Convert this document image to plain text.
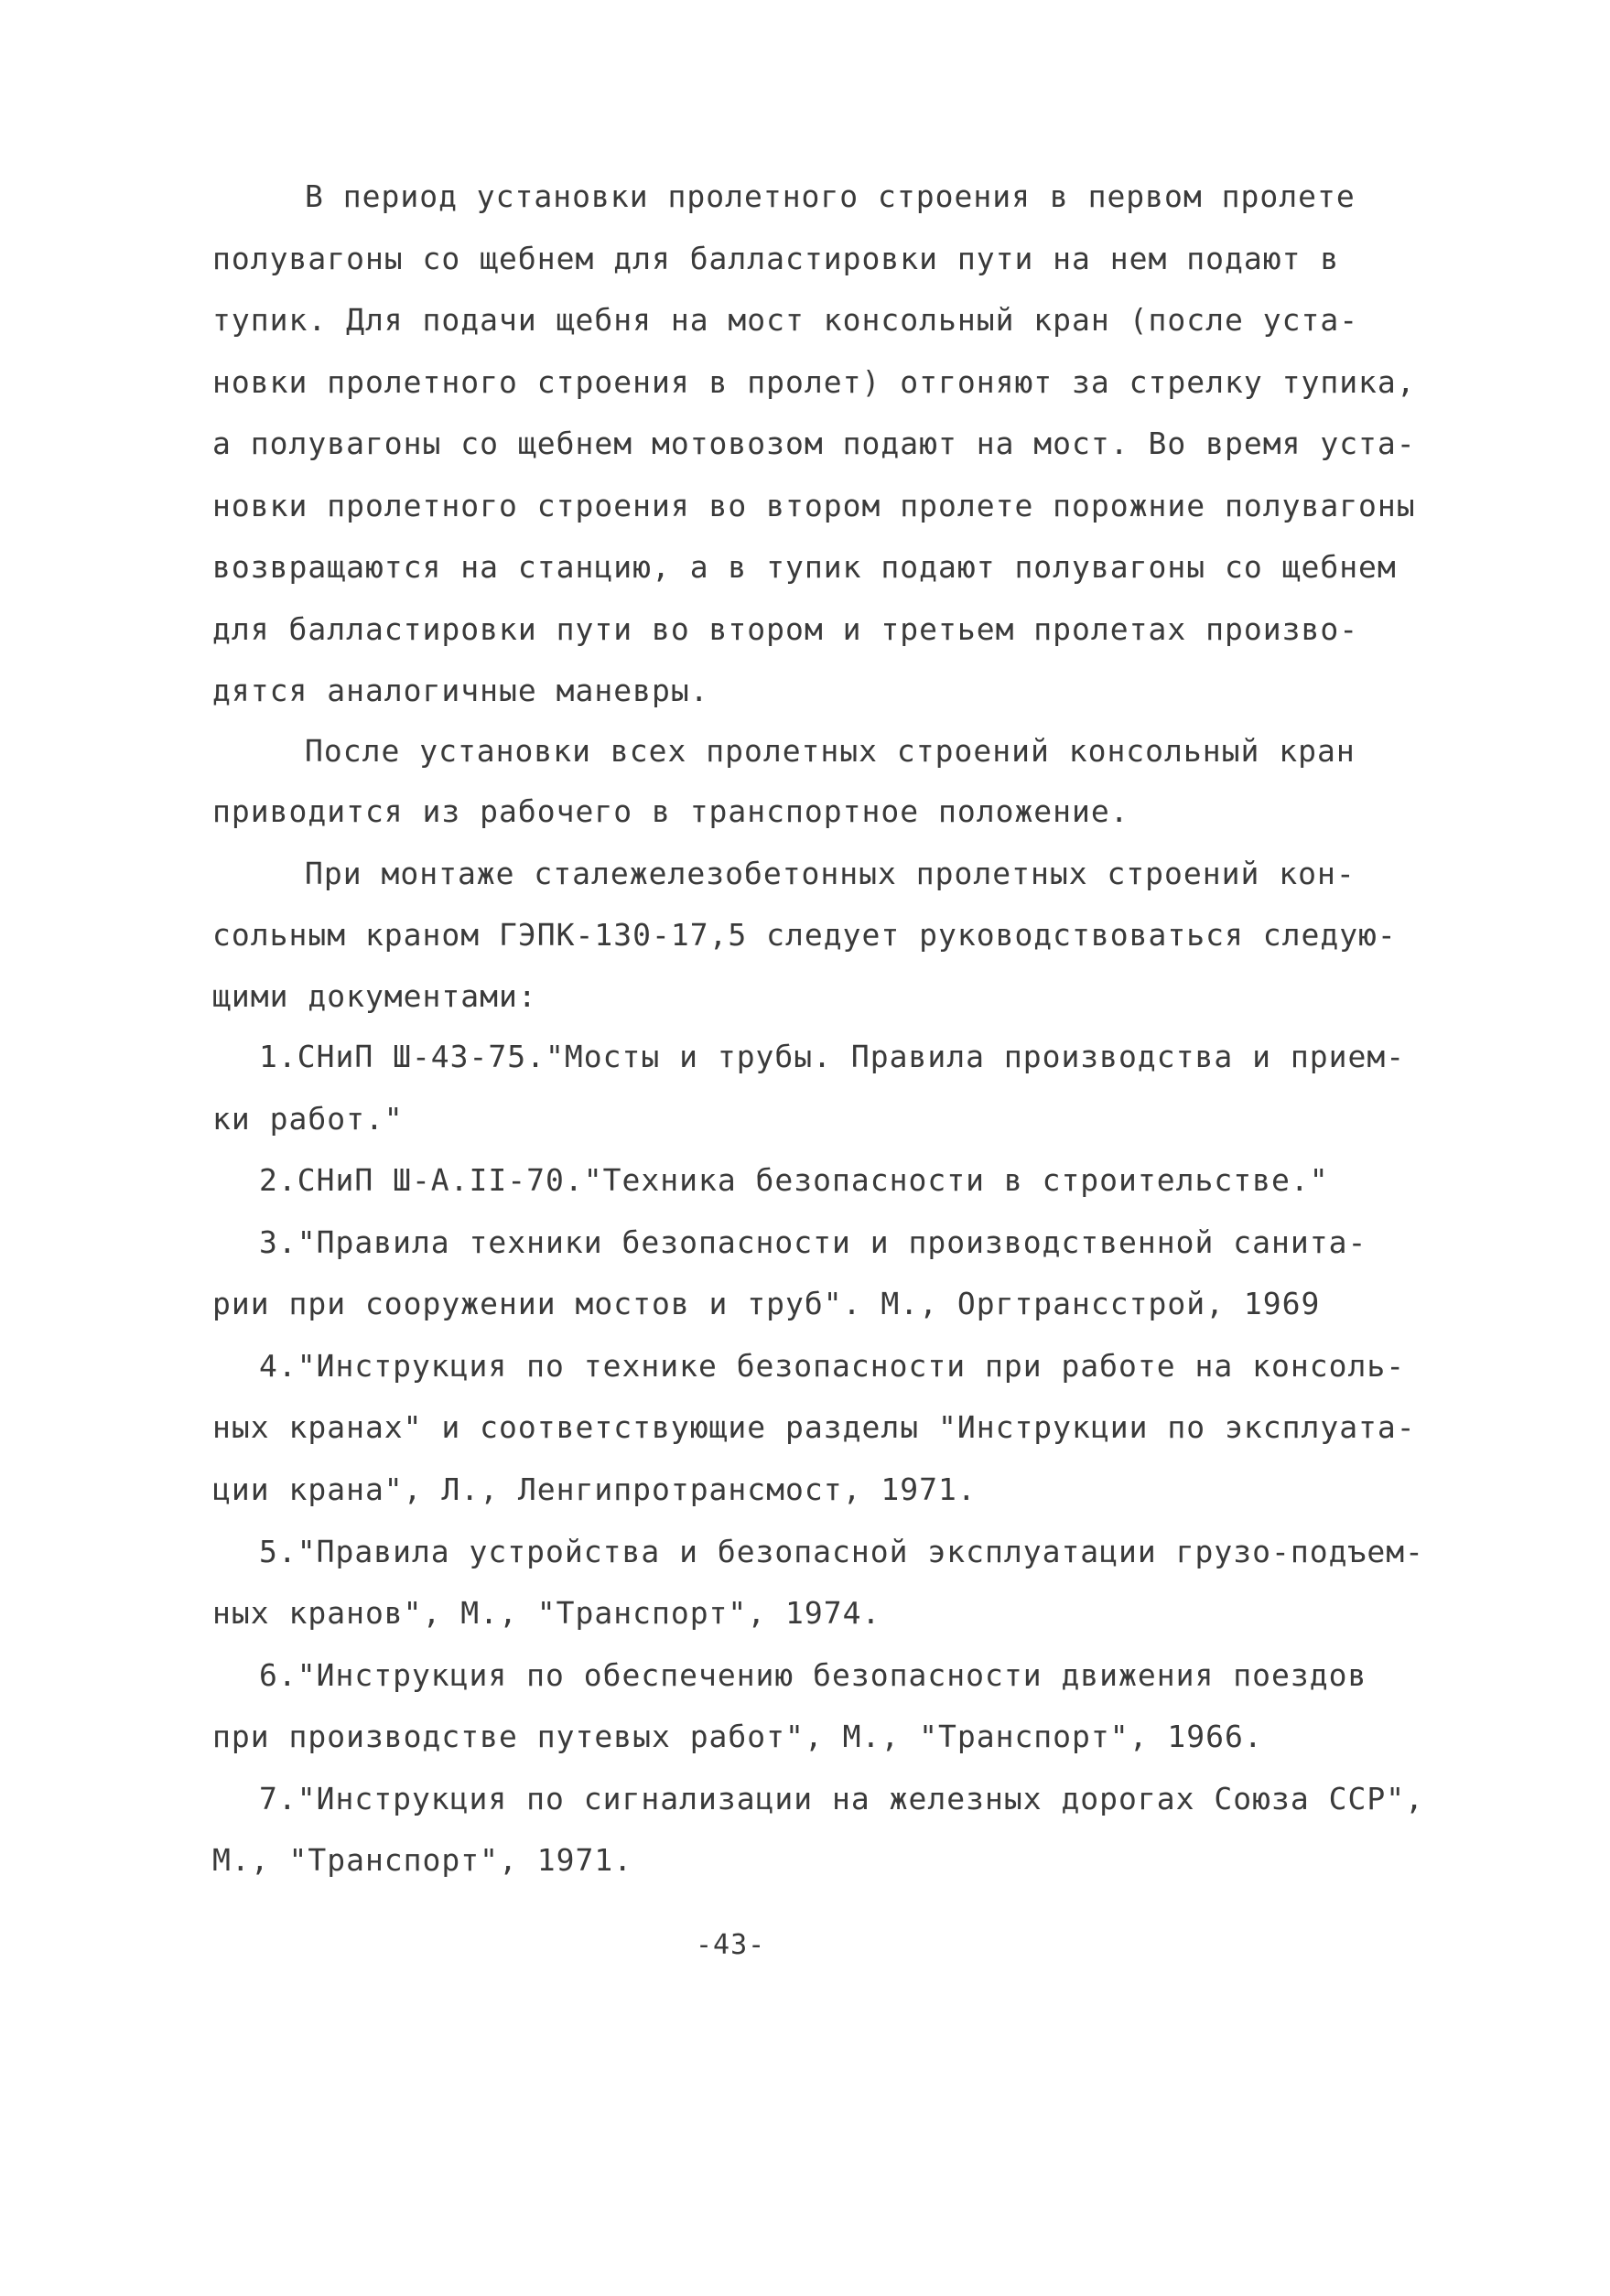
В период установки пролетного строения в первом пролете
полувагоны со щебнем для балластировки пути на нем подают в
тупик. Для подачи щебня на мост консольный кран (после уста-
новки пролетного строения в пролет) отгоняют за стрелку тупика,
а полувагоны со щебнем мотовозом подают на мост. Во время уста-
новки пролетного строения во втором пролете порожние полувагоны
возвращаются на станцию, а в тупик подают полувагоны со щебнем
для балластировки пути во втором и третьем пролетах произво-
дятся аналогичные маневры.
После установки всех пролетных строений консольный кран
приводится из рабочего в транспортное положение.
При монтаже сталежелезобетонных пролетных строений кон-
сольным краном ГЭПК-130-17,5 следует руководствоваться следую-
щими документами:
1.СНиП Ш-43-75."Мосты и трубы. Правила производства и прием-
ки работ."
2.СНиП Ш-А.II-70."Техника безопасности в строительстве."
3."Правила техники безопасности и производственной санита-
рии при сооружении мостов и труб". М., Оргтрансстрой, 1969
4."Инструкция по технике безопасности при работе на консоль-
ных кранах" и соответствующие разделы "Инструкции по эксплуата-
ции крана", Л., Ленгипротрансмост, 1971.
5."Правила устройства и безопасной эксплуатации грузо-подъем-
ных кранов", М., "Транспорт", 1974.
6."Инструкция по обеспечению безопасности движения поездов
при производстве путевых работ", М., "Транспорт", 1966.
7."Инструкция по сигнализации на железных дорогах Союза ССР",
М., "Транспорт", 1971.
-43-
